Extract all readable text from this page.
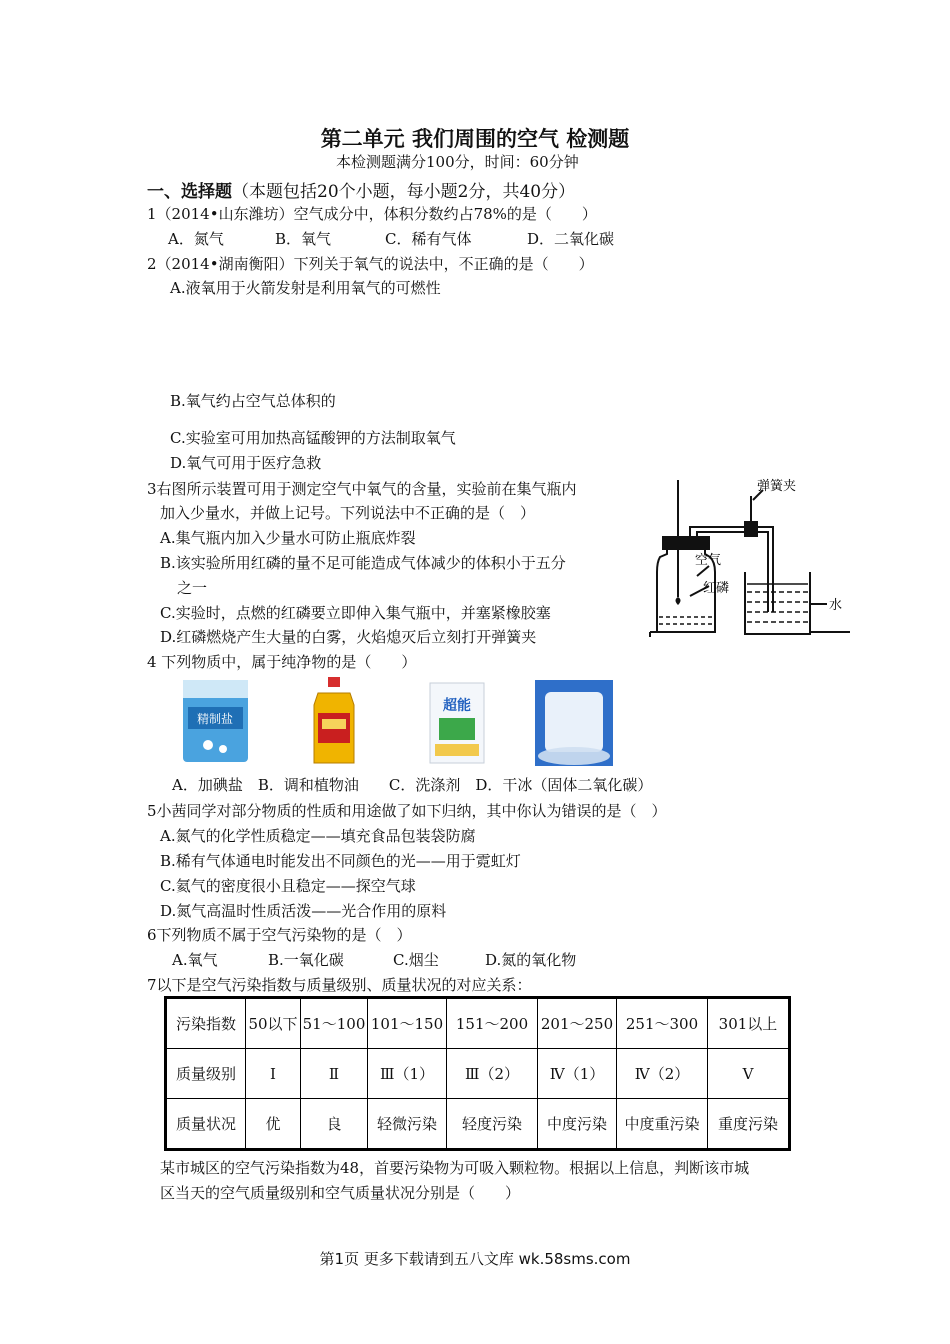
第二单元 我们周围的空气 检测题
本检测题满分100分，时间：60分钟
一、选择题（本题包括20个小题，每小题2分，共40分）
1（2014•山东潍坊）空气成分中，体积分数约占78%的是（　　）
A．氮气	B．氧气	C．稀有气体	D．二氧化碳
2（2014•湖南衡阳）下列关于氧气的说法中，不正确的是（　　）
A.液氧用于火箭发射是利用氧气的可燃性
B.氧气约占空气总体积的
C.实验室可用加热高锰酸钾的方法制取氧气
D.氧气可用于医疗急救
3右图所示装置可用于测定空气中氧气的含量，实验前在集气瓶内
加入少量水，并做上记号。下列说法中不正确的是（　）
A.集气瓶内加入少量水可防止瓶底炸裂
B.该实验所用红磷的量不足可能造成气体减少的体积小于五分
之一
C.实验时，点燃的红磷要立即伸入集气瓶中，并塞紧橡胶塞
D.红磷燃烧产生大量的白雾，火焰熄灭后立刻打开弹簧夹
弹簧夹
空气
红磷
水
4 下列物质中，属于纯净物的是（　　）
精制盐
超能
A．加碘盐　B．调和植物油　　C．洗涤剂　D．干冰（固体二氧化碳）
5小茜同学对部分物质的性质和用途做了如下归纳，其中你认为错误的是（　）
A.氮气的化学性质稳定——填充食品包装袋防腐
B.稀有气体通电时能发出不同颜色的光——用于霓虹灯
C.氦气的密度很小且稳定——探空气球
D.氮气高温时性质活泼——光合作用的原料
6下列物质不属于空气污染物的是（　）
A.氧气	B.一氧化碳	C.烟尘	D.氮的氧化物
7以下是空气污染指数与质量级别、质量状况的对应关系：
污染指数	50以下	51～100	101～150	151～200	201～250	251～300	301以上
质量级别	Ⅰ	Ⅱ	Ⅲ（1）	Ⅲ（2）	Ⅳ（1）	Ⅳ（2）	Ⅴ
质量状况	优	良	轻微污染	轻度污染	中度污染	中度重污染	重度污染
某市城区的空气污染指数为48，首要污染物为可吸入颗粒物。根据以上信息，判断该市城
区当天的空气质量级别和空气质量状况分别是（　　）
第1页 更多下载请到五八文库 wk.58sms.com
